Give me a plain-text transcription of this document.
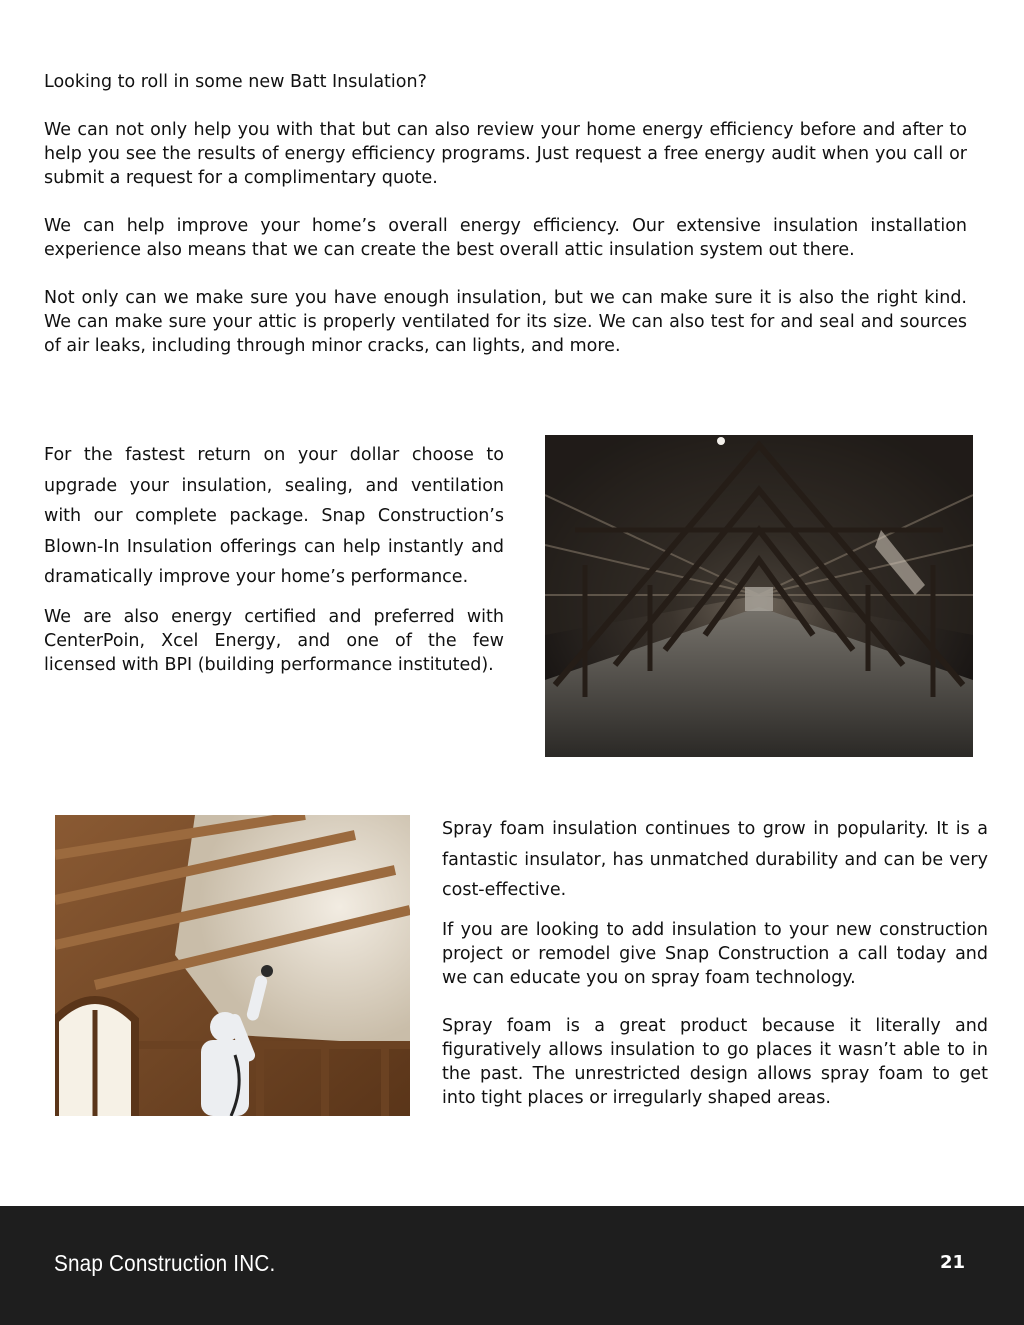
Looking to roll in some new Batt Insulation?

We can not only help you with that but can also review your home energy efficiency before and after to help you see the results of energy efficiency programs. Just request a free energy audit when you call or submit a request for a complimentary quote.

We can help improve your home’s overall energy efficiency. Our extensive insulation installation experience also means that we can create the best overall attic insulation system out there.

Not only can we make sure you have enough insulation, but we can make sure it is also the right kind. We can make sure your attic is properly ventilated for its size. We can also test for and seal and sources of air leaks, including through minor cracks, can lights, and more.

For the fastest return on your dollar choose to upgrade your insulation, sealing, and ventilation with our complete package. Snap Construction’s Blown-In Insulation offerings can help instantly and dramatically improve your home’s performance.

We are also energy certified and preferred with CenterPoin, Xcel Energy, and one of the few licensed with BPI (building performance instituted).

Spray foam insulation continues to grow in popularity. It is a fantastic insulator, has unmatched durability and can be very cost-effective.

If you are looking to add insulation to your new construction project or remodel give Snap Construction a call today and we can educate you on spray foam technology.

Spray foam is a great product because it literally and figuratively allows insulation to go places it wasn’t able to in the past. The unrestricted design allows spray foam to get into tight places or irregularly shaped areas.

Snap Construction INC.	21
